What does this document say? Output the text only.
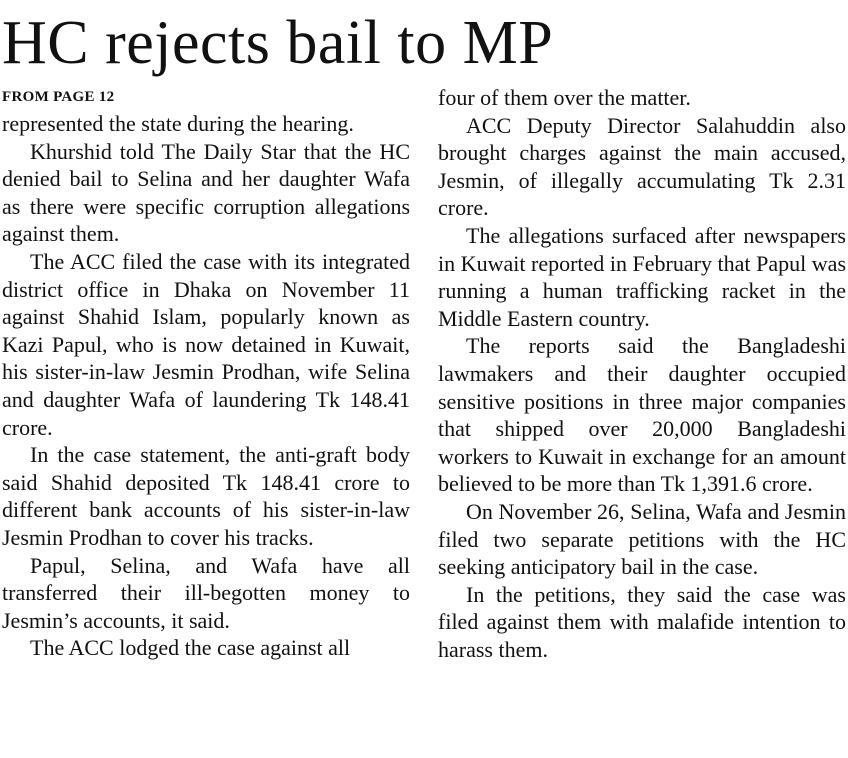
HC rejects bail to MP
FROM PAGE 12

represented the state during the hearing.

Khurshid told The Daily Star that the HC denied bail to Selina and her daughter Wafa as there were specific corruption allegations against them.

The ACC filed the case with its integrated district office in Dhaka on November 11 against Shahid Islam, popularly known as Kazi Papul, who is now detained in Kuwait, his sister-in-law Jesmin Prodhan, wife Selina and daughter Wafa of laundering Tk 148.41 crore.

In the case statement, the anti-graft body said Shahid deposited Tk 148.41 crore to different bank accounts of his sister-in-law Jesmin Prodhan to cover his tracks.

Papul, Selina, and Wafa have all transferred their ill-begotten money to Jesmin’s accounts, it said.

The ACC lodged the case against all

four of them over the matter.

ACC Deputy Director Salahuddin also brought charges against the main accused, Jesmin, of illegally accumulating Tk 2.31 crore.

The allegations surfaced after newspapers in Kuwait reported in February that Papul was running a human trafficking racket in the Middle Eastern country.

The reports said the Bangladeshi lawmakers and their daughter occupied sensitive positions in three major companies that shipped over 20,000 Bangladeshi workers to Kuwait in exchange for an amount believed to be more than Tk 1,391.6 crore.

On November 26, Selina, Wafa and Jesmin filed two separate petitions with the HC seeking anticipatory bail in the case.

In the petitions, they said the case was filed against them with malafide intention to harass them.
